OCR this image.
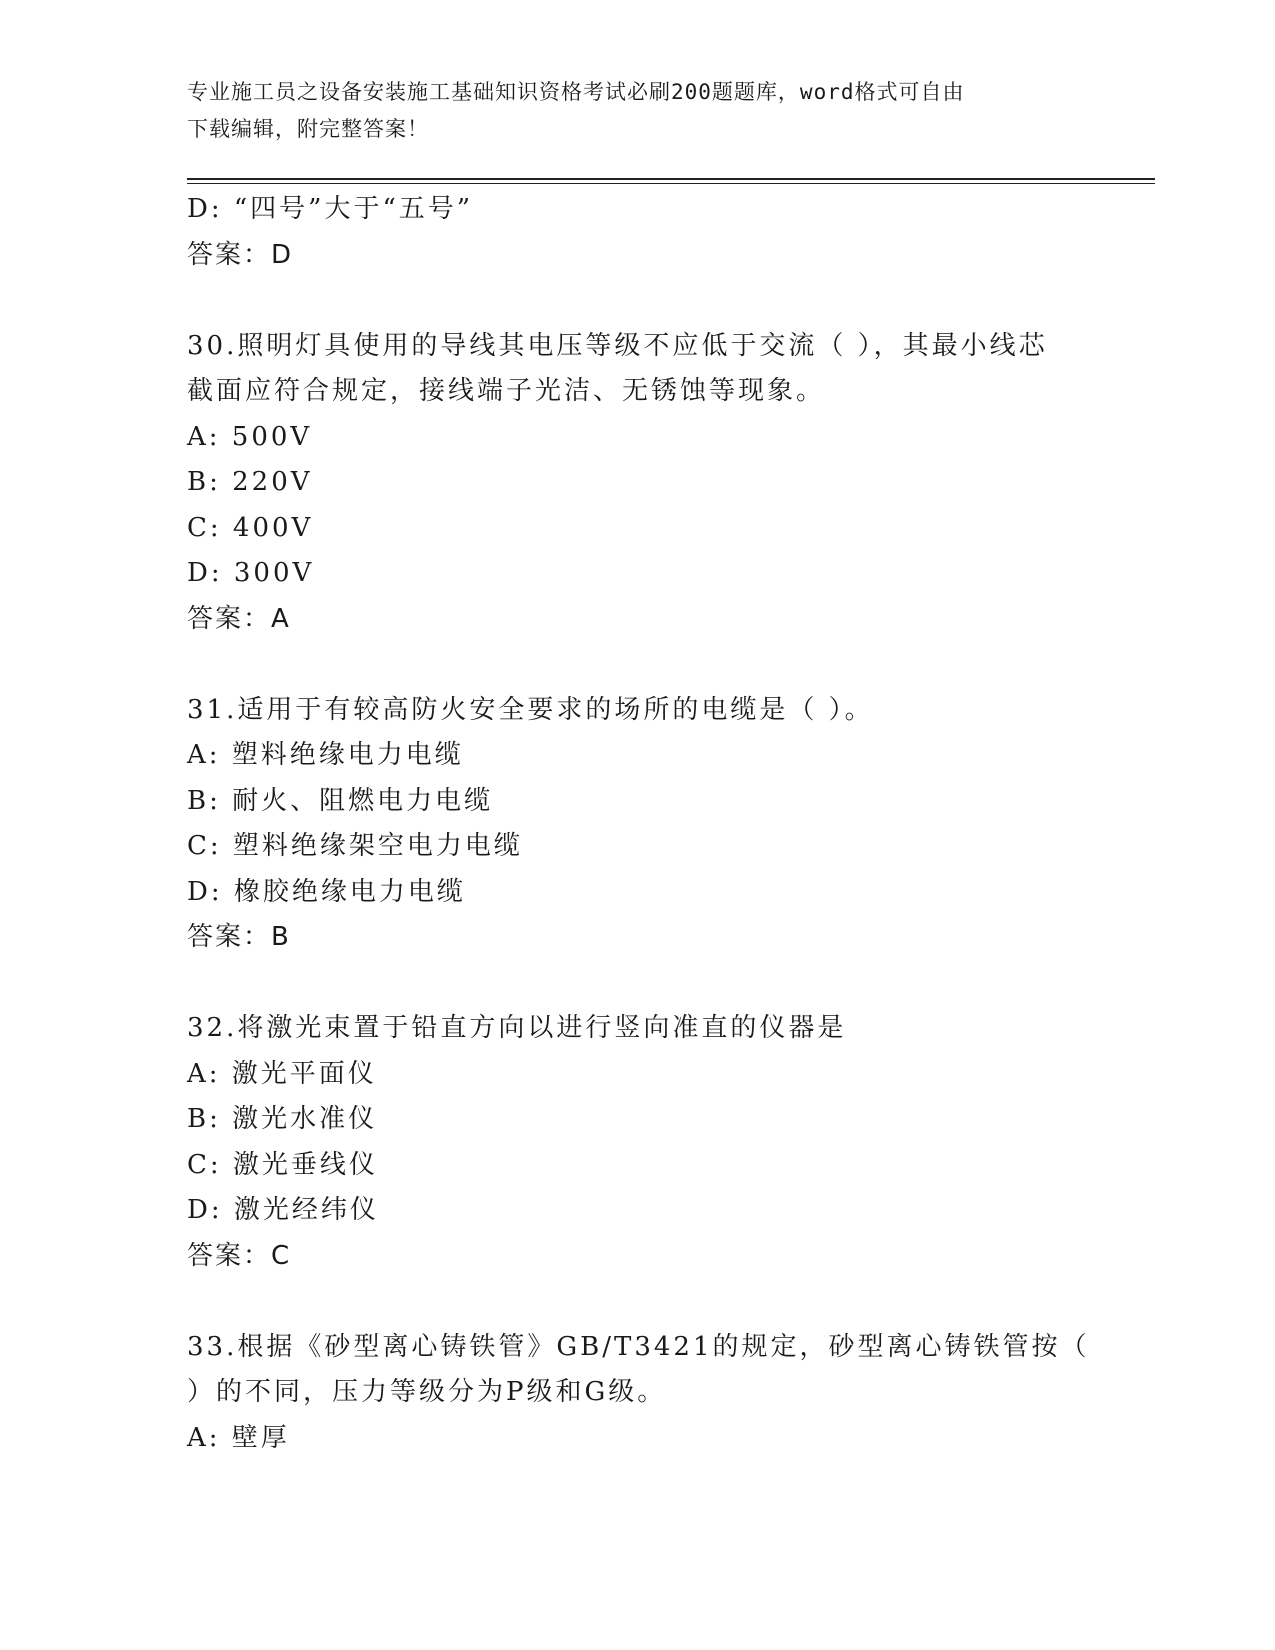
专业施工员之设备安装施工基础知识资格考试必刷200题题库，word格式可自由
下载编辑，附完整答案！
D: “四号”大于“五号”
答案：D
30.照明灯具使用的导线其电压等级不应低于交流（ ），其最小线芯
截面应符合规定，接线端子光洁、无锈蚀等现象。
A: 500V
B: 220V
C: 400V
D: 300V
答案：A
31.适用于有较高防火安全要求的场所的电缆是（ ）。
A: 塑料绝缘电力电缆
B: 耐火、阻燃电力电缆
C: 塑料绝缘架空电力电缆
D: 橡胶绝缘电力电缆
答案：B
32.将激光束置于铅直方向以进行竖向准直的仪器是
A: 激光平面仪
B: 激光水准仪
C: 激光垂线仪
D: 激光经纬仪
答案：C
33.根据《砂型离心铸铁管》GB/T3421的规定，砂型离心铸铁管按（
）的不同，压力等级分为P级和G级。
A: 壁厚
